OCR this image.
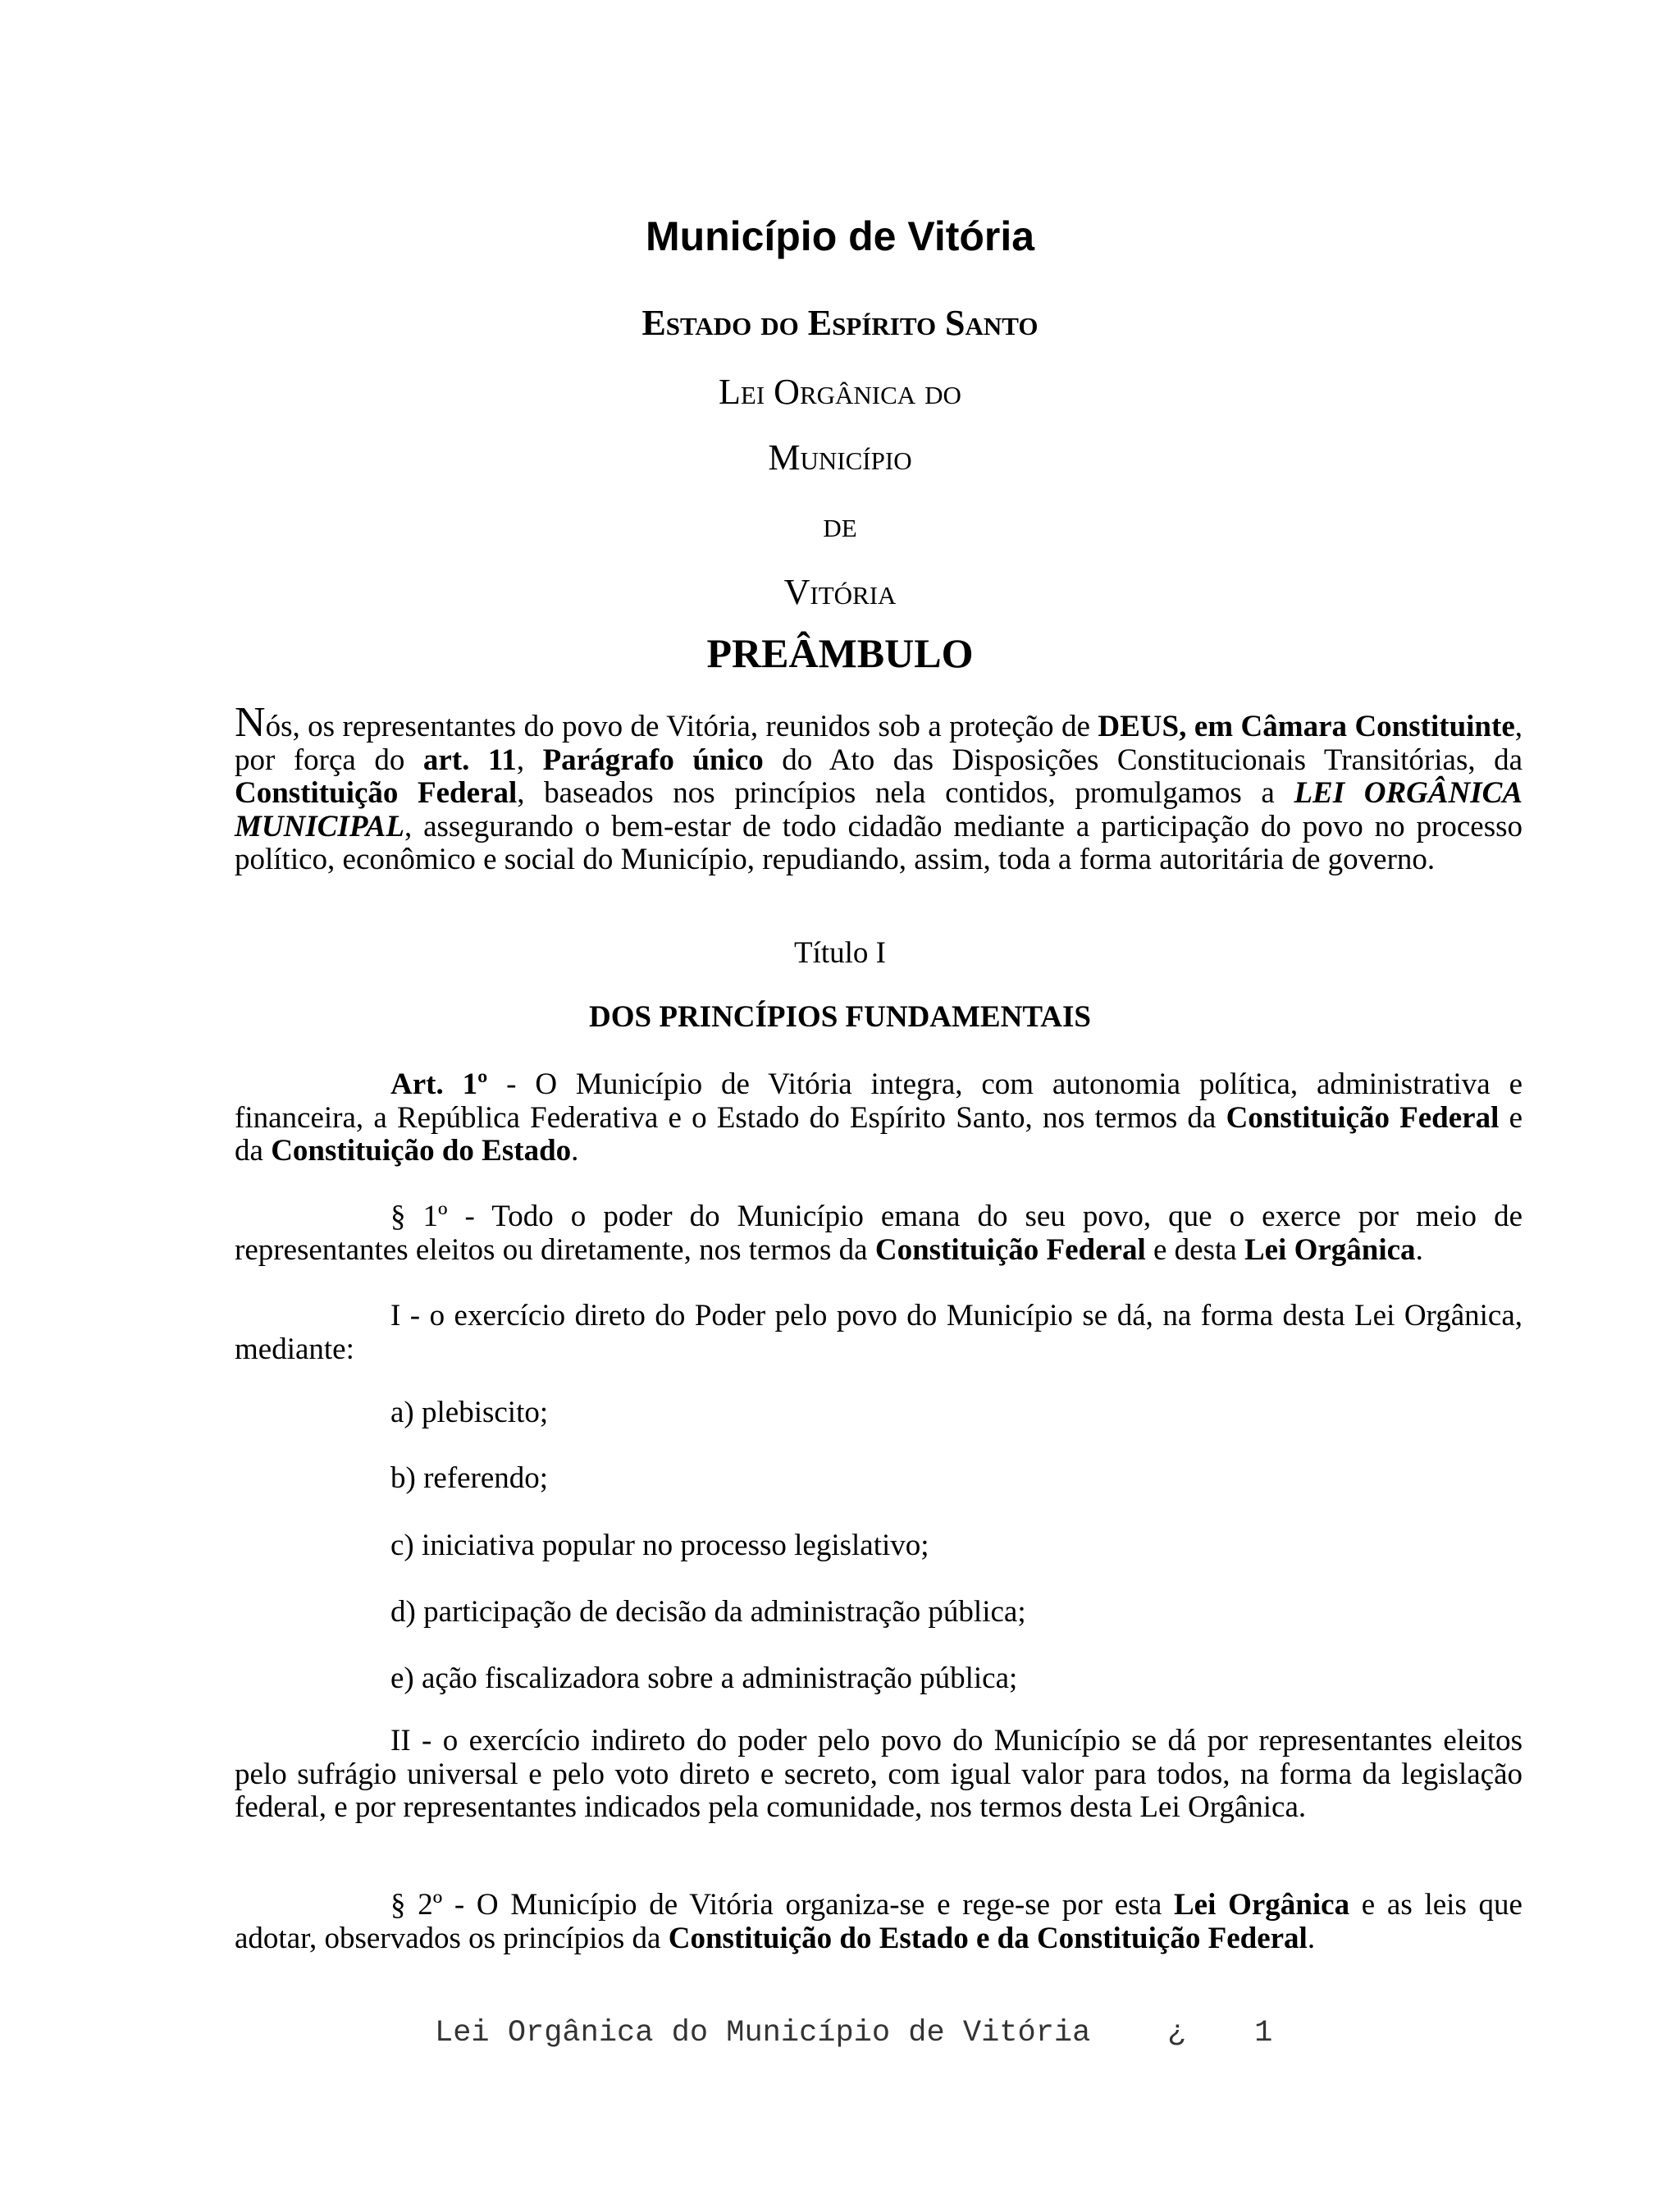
Município de Vitória

Estado do Espírito Santo

Lei Orgânica do

Município

de

Vitória

PREÂMBULO

Nós, os representantes do povo de Vitória, reunidos sob a proteção de DEUS, em Câmara Constituinte, por força do art. 11, Parágrafo único do Ato das Disposições Constitucionais Transitórias, da Constituição Federal, baseados nos princípios nela contidos, promulgamos a LEI ORGÂNICA MUNICIPAL, assegurando o bem-estar de todo cidadão mediante a participação do povo no processo político, econômico e social do Município, repudiando, assim, toda a forma autoritária de governo.

Título I

DOS PRINCÍPIOS FUNDAMENTAIS

Art. 1º - O Município de Vitória integra, com autonomia política, administrativa e financeira, a República Federativa e o Estado do Espírito Santo, nos termos da Constituição Federal e da Constituição do Estado.

§ 1º - Todo o poder do Município emana do seu povo, que o exerce por meio de representantes eleitos ou diretamente, nos termos da Constituição Federal e desta Lei Orgânica.

I - o exercício direto do Poder pelo povo do Município se dá, na forma desta Lei Orgânica, mediante:

a) plebiscito;

b) referendo;

c) iniciativa popular no processo legislativo;

d) participação de decisão da administração pública;

e) ação fiscalizadora sobre a administração pública;

II - o exercício indireto do poder pelo povo do Município se dá por representantes eleitos pelo sufrágio universal e pelo voto direto e secreto, com igual valor para todos, na forma da legislação federal, e por representantes indicados pela comunidade, nos termos desta Lei Orgânica.

§ 2º - O Município de Vitória organiza-se e rege-se por esta Lei Orgânica e as leis que adotar, observados os princípios da Constituição do Estado e da Constituição Federal.

Lei Orgânica do Município de Vitória	¿ 1
